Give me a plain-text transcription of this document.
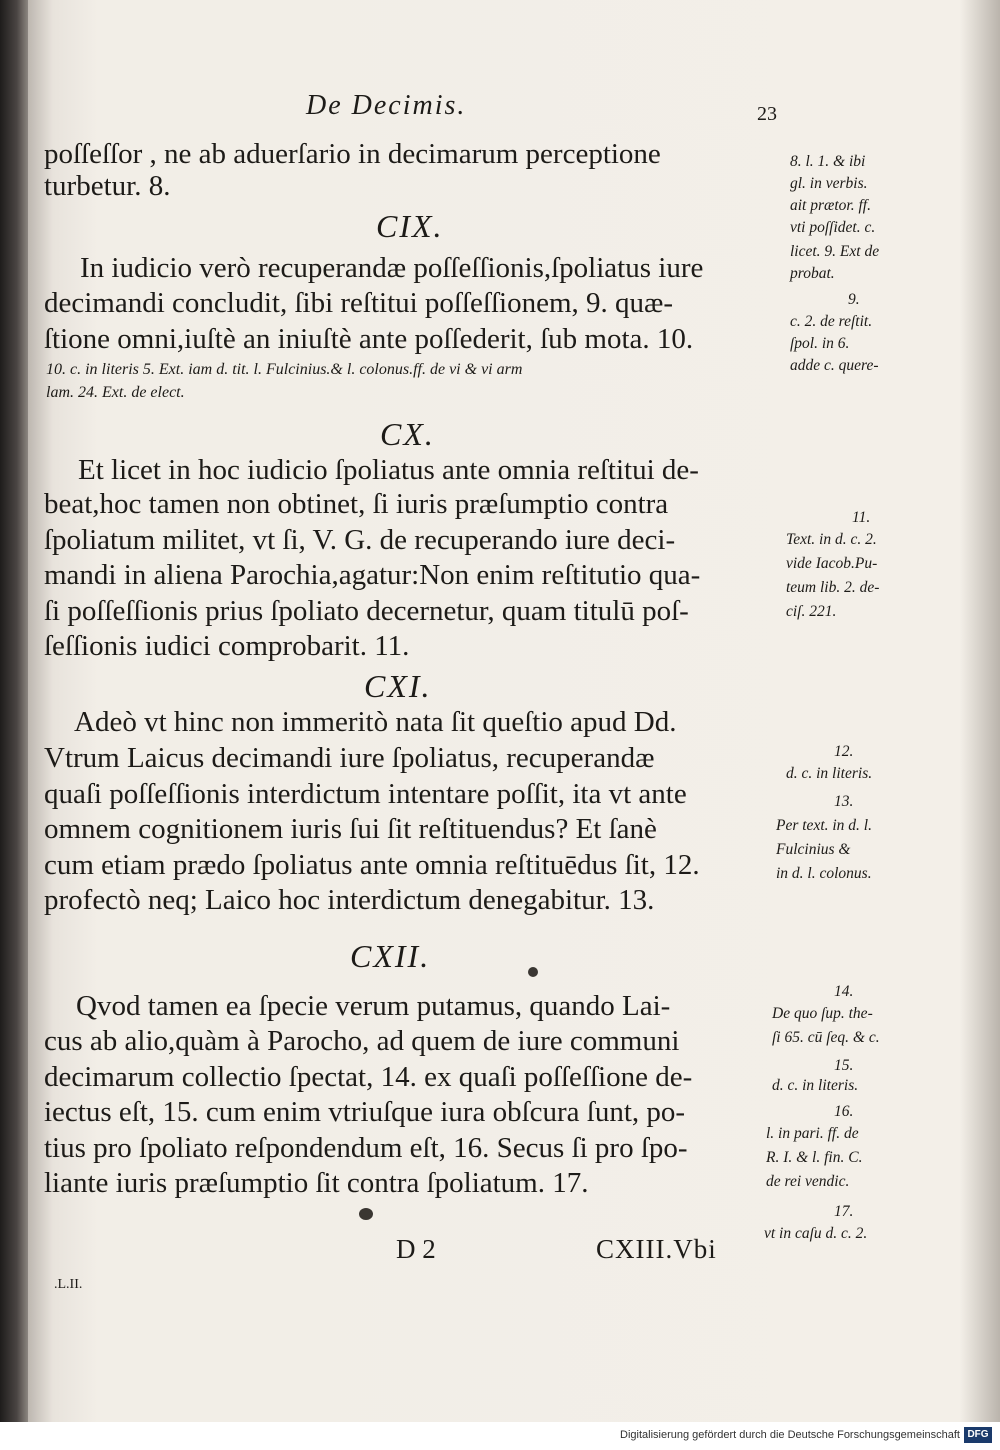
De Decimis.	23
poſſeſſor , ne ab aduerſario in decimarum perceptione
turbetur. 8.
CIX.
In iudicio verò recuperandæ poſſeſſionis,ſpoliatus iure
decimandi concludit, ſibi reſtitui poſſeſſionem, 9. quæ-
ſtione omni,iuſtè an iniuſtè ante poſſederit, ſub mota. 10.
10. c. in literis 5. Ext. iam d. tit. l. Fulcinius.& l. colonus.ff. de vi & vi arm
lam. 24. Ext. de elect.
CX.
Et licet in hoc iudicio ſpoliatus ante omnia reſtitui de-
beat,hoc tamen non obtinet, ſi iuris præſumptio contra
ſpoliatum militet, vt ſi, V. G. de recuperando iure deci-
mandi in aliena Parochia,agatur:Non enim reſtitutio qua-
ſi poſſeſſionis prius ſpoliato decernetur, quam titulū poſ-
ſeſſionis iudici comprobarit. 11.
CXI.
Adeò vt hinc non immeritò nata ſit queſtio apud Dd.
Vtrum Laicus decimandi iure ſpoliatus, recuperandæ
quaſi poſſeſſionis interdictum intentare poſſit, ita vt ante
omnem cognitionem iuris ſui ſit reſtituendus? Et ſanè
cum etiam prædo ſpoliatus ante omnia reſtituēdus ſit, 12.
profectò neq; Laico hoc interdictum denegabitur. 13.
CXII.
Qvod tamen ea ſpecie verum putamus, quando Lai-
cus ab alio,quàm à Parocho, ad quem de iure communi
decimarum collectio ſpectat, 14. ex quaſi poſſeſſione de-
iectus eſt, 15. cum enim vtriuſque iura obſcura ſunt, po-
tius pro ſpoliato reſpondendum eſt, 16. Secus ſi pro ſpo-
liante iuris præſumptio ſit contra ſpoliatum. 17.
D 2	CXIII.Vbi
.L.II.
8. l. 1. & ibi
gl. in verbis.
ait prætor. ff.
vti poſſidet. c.
licet. 9. Ext de
probat.
9.
c. 2. de reſtit.
ſpol. in 6.
adde c. quere-
11.
Text. in d. c. 2.
vide Iacob.Pu-
teum lib. 2. de-
ciſ. 221.
12.
d. c. in literis.
13.
Per text. in d. l.
Fulcinius &
in d. l. colonus.
14.
De quo ſup. the-
ſi 65. cū ſeq. & c.
15.
d. c. in literis.
16.
l. in pari. ff. de
R. I. & l. fin. C.
de rei vendic.
17.
vt in caſu d. c. 2.
Digitalisierung gefördert durch die Deutsche Forschungsgemeinschaft DFG
